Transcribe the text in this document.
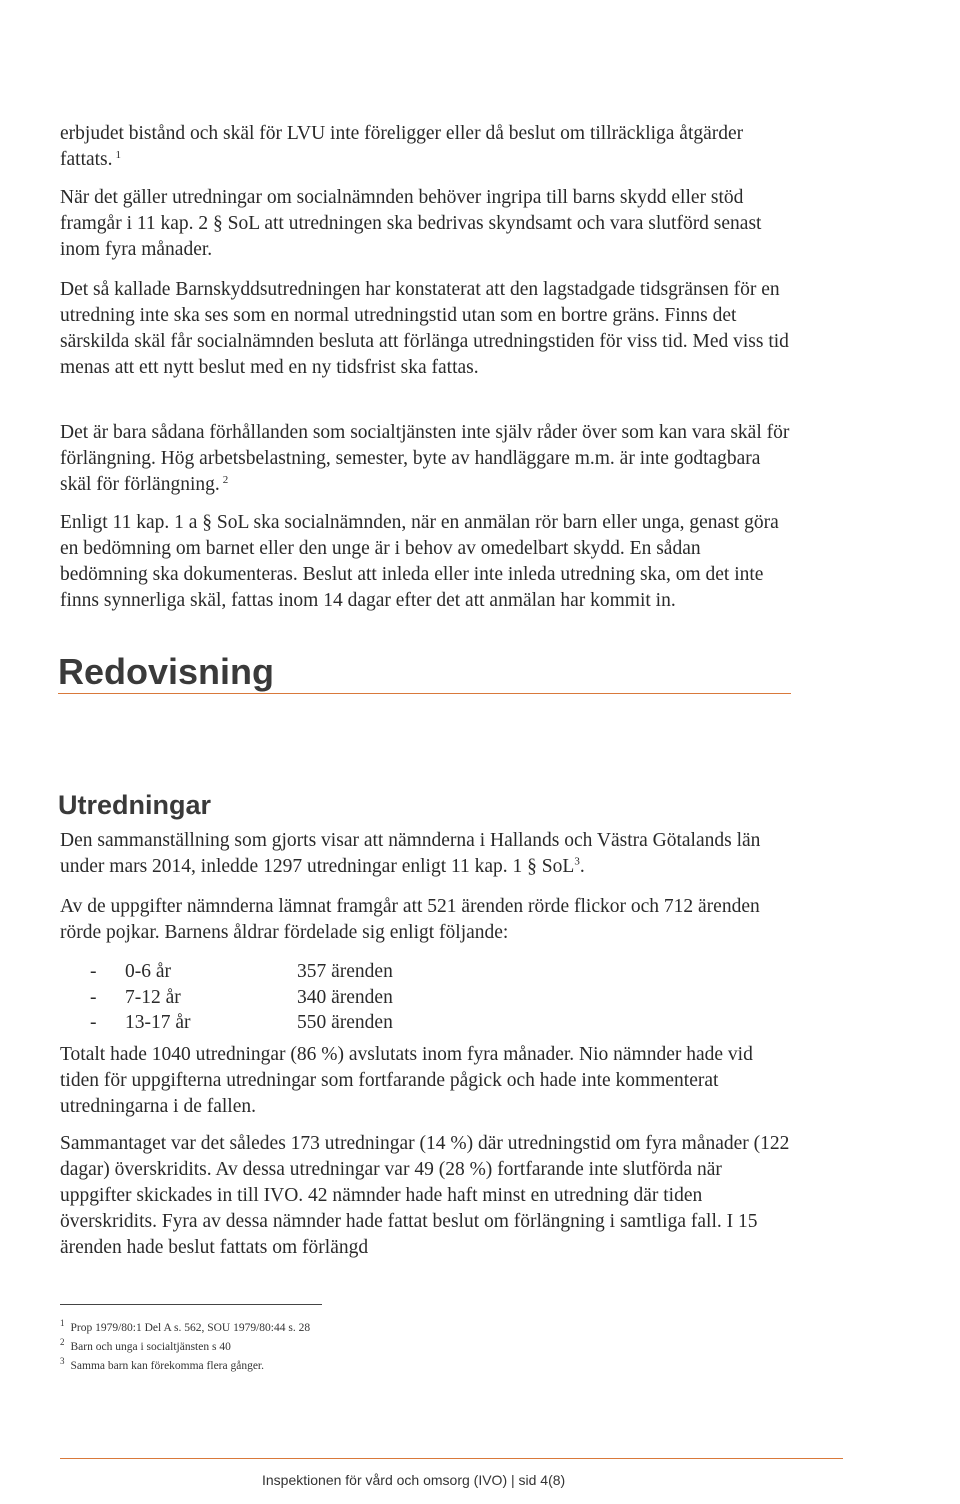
erbjudet bistånd och skäl för LVU inte föreligger eller då beslut om tillräckliga åtgärder fattats. $^1$

När det gäller utredningar om socialnämnden behöver ingripa till barns skydd eller stöd framgår i 11 kap. 2 § SoL att utredningen ska bedrivas skyndsamt och vara slutförd senast inom fyra månader.

Det så kallade Barnskyddsutredningen har konstaterat att den lagstadgade tidsgränsen för en utredning inte ska ses som en normal utredningstid utan som en bortre gräns. Finns det särskilda skäl får socialnämnden besluta att förlänga utredningstiden för viss tid. Med viss tid menas att ett nytt beslut med en ny tidsfrist ska fattas.

Det är bara sådana förhållanden som socialtjänsten inte själv råder över som kan vara skäl för förlängning. Hög arbetsbelastning, semester, byte av handläggare m.m. är inte godtagbara skäl för förlängning. $^2$

Enligt 11 kap. 1 a § SoL ska socialnämnden, när en anmälan rör barn eller unga, genast göra en bedömning om barnet eller den unge är i behov av omedelbart skydd. En sådan bedömning ska dokumenteras. Beslut att inleda eller inte inleda utredning ska, om det inte finns synnerliga skäl, fattas inom 14 dagar efter det att anmälan har kommit in.

Redovisning
Utredningar

Den sammanställning som gjorts visar att nämnderna i Hallands och Västra Götalands län under mars 2014, inledde 1297 utredningar enligt 11 kap. 1 § SoL$^3$.

Av de uppgifter nämnderna lämnat framgår att 521 ärenden rörde flickor och 712 ärenden rörde pojkar. Barnens åldrar fördelade sig enligt följande:

- 0-6 år	357 ärenden
- 7-12 år	340 ärenden
- 13-17 år	550 ärenden

Totalt hade 1040 utredningar (86 %) avslutats inom fyra månader. Nio nämnder hade vid tiden för uppgifterna utredningar som fortfarande pågick och hade inte kommenterat utredningarna i de fallen.

Sammantaget var det således 173 utredningar (14 %) där utredningstid om fyra månader (122 dagar) överskridits. Av dessa utredningar var 49 (28 %) fortfarande inte slutförda när uppgifter skickades in till IVO. 42 nämnder hade haft minst en utredning där tiden överskridits. Fyra av dessa nämnder hade fattat beslut om förlängning i samtliga fall. I 15 ärenden hade beslut fattats om förlängd

$^1$ Prop 1979/80:1 Del A s. 562, SOU 1979/80:44 s. 28
$^2$ Barn och unga i socialtjänsten s 40
$^3$ Samma barn kan förekomma flera gånger.
Inspektionen för vård och omsorg (IVO) | sid 4(8)
